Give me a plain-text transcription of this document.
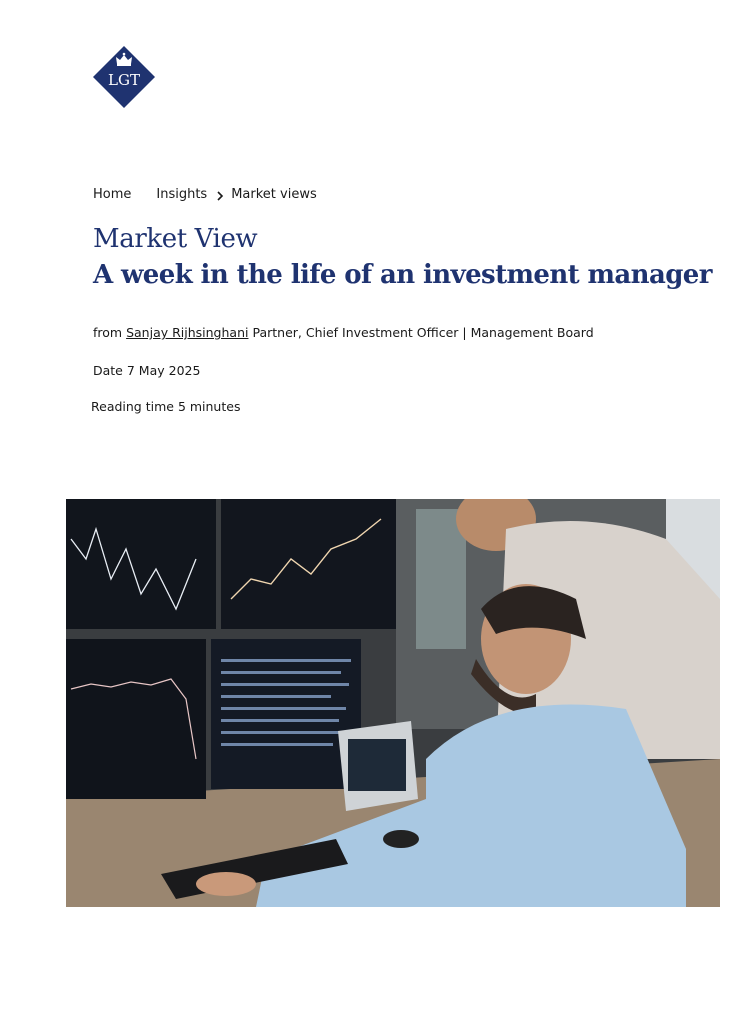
LGT
Home Insights Market views
Market View
A week in the life of an investment manager
from Sanjay Rijhsinghani Partner, Chief Investment Officer | Management Board
Date 7 May 2025
Reading time 5 minutes
